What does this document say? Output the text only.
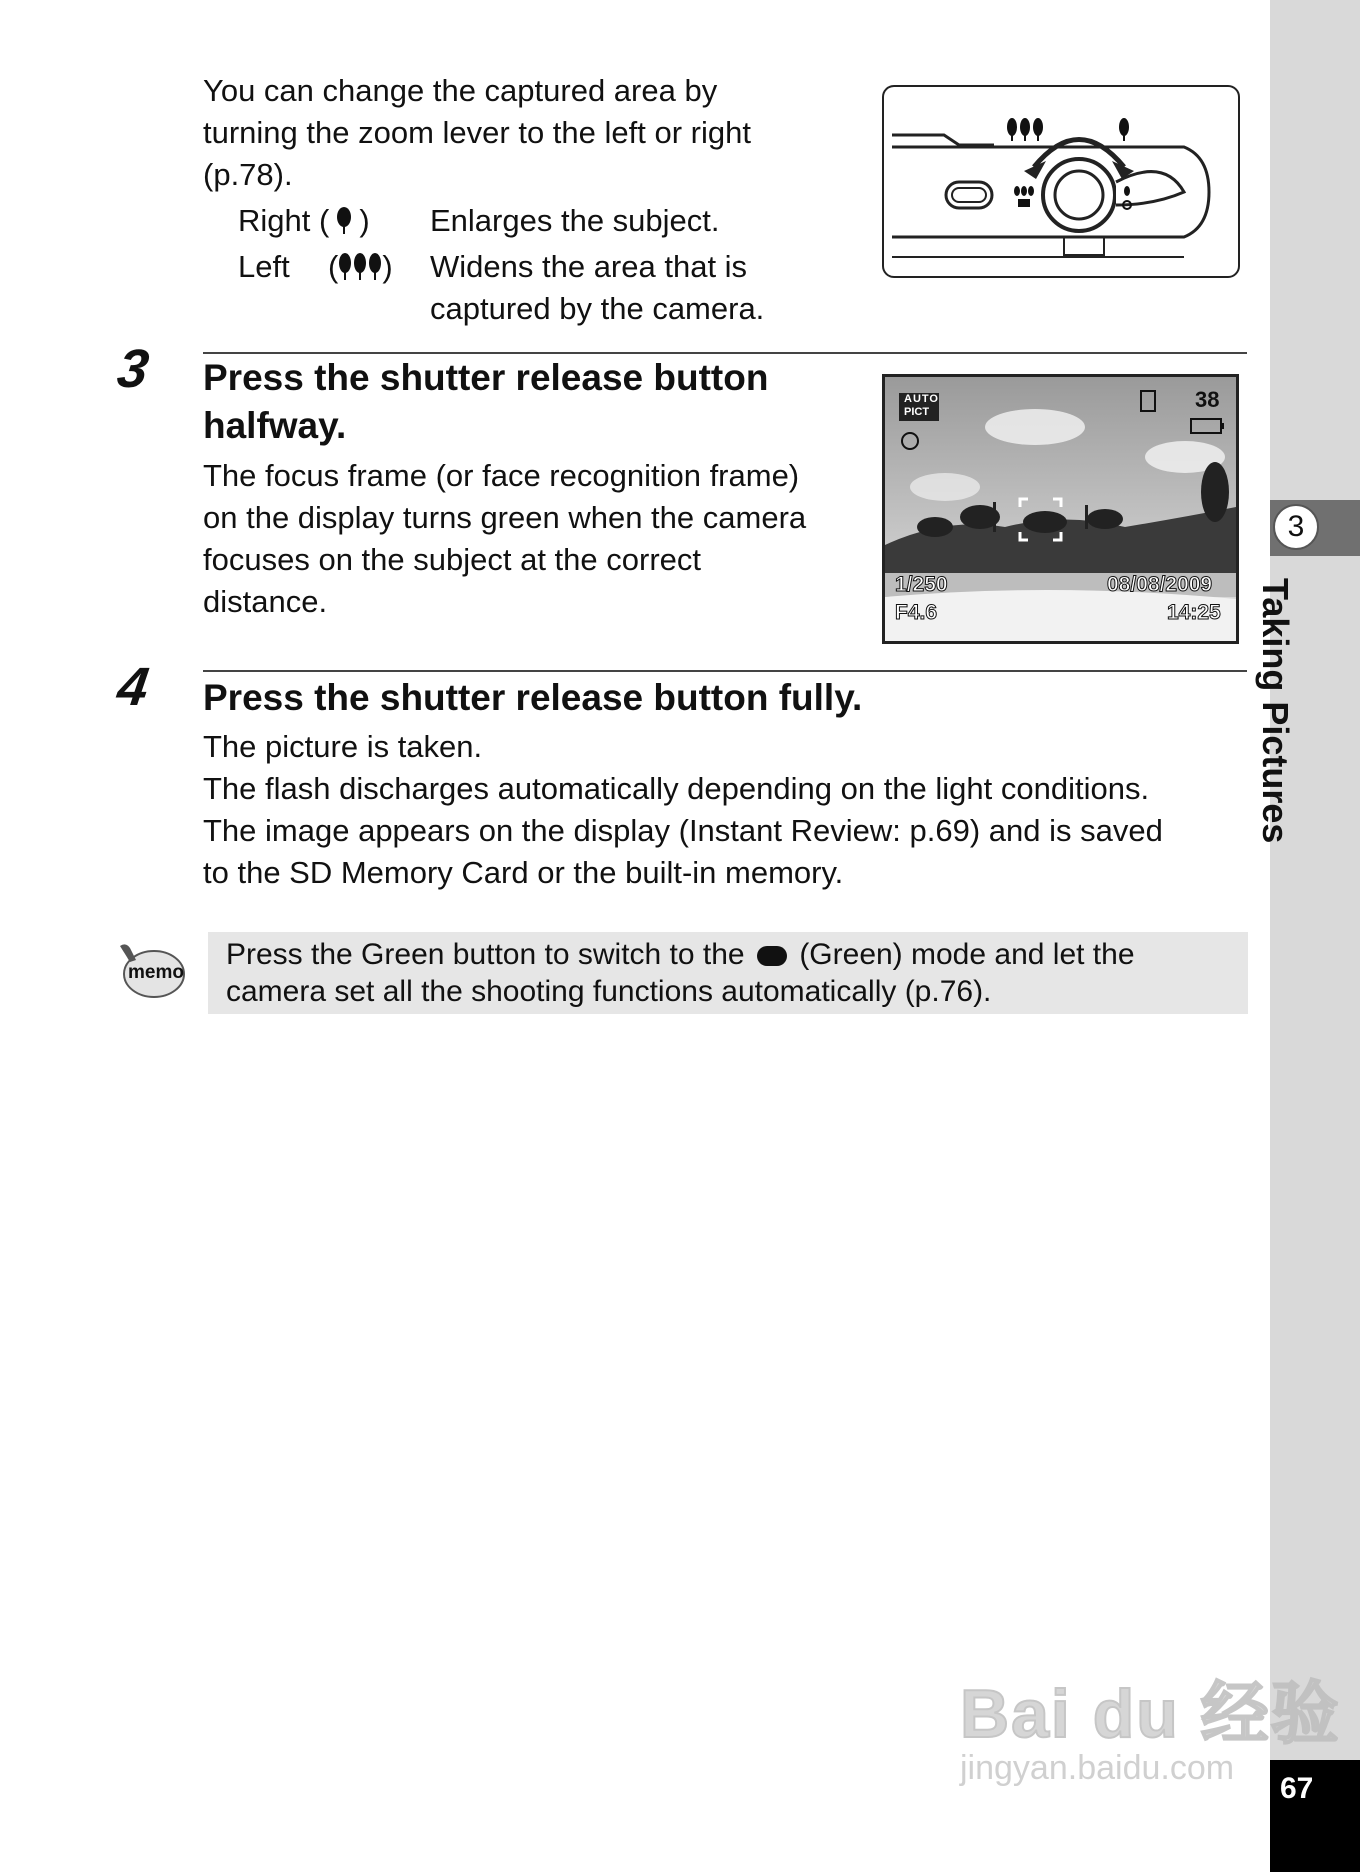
3
Taking Pictures
67
You can change the captured area by
turning the zoom lever to the left or right
(p.78).
Right ( ) Enlarges the subject.
Left ( ) Widens the area that is
captured by the camera.
3 Press the shutter release button
halfway.
The focus frame (or face recognition frame)
on the display turns green when the camera
focuses on the subject at the correct
distance.
AUTO
PICT	38
1/250
F4.6
08/08/2009
14:25
4 Press the shutter release button fully.
The picture is taken.
The flash discharges automatically depending on the light conditions.
The image appears on the display (Instant Review: p.69) and is saved
to the SD Memory Card or the built-in memory.
memo
Press the Green button to switch to the (Green) mode and let the
camera set all the shooting functions automatically (p.76).
Bai du 经验
jingyan.baidu.com
